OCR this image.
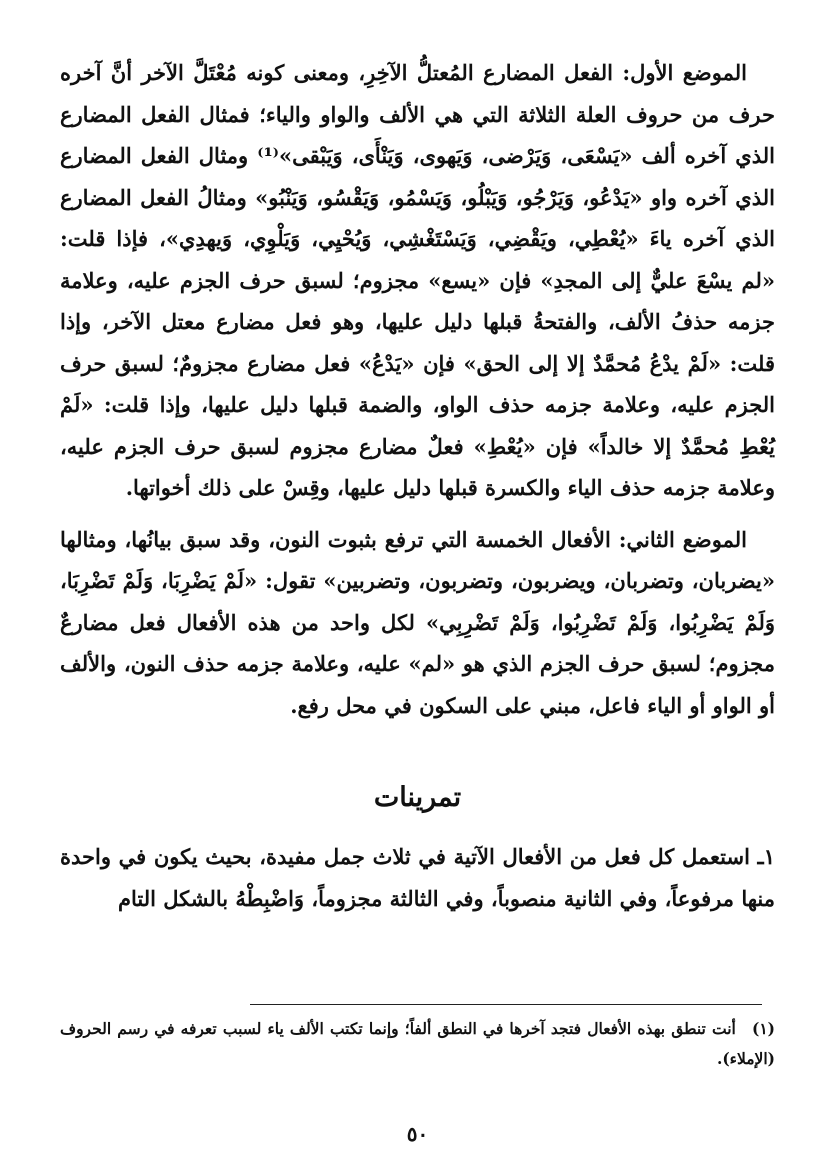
الموضع الأول: الفعل المضارع المُعتلُّ الآخِرِ، ومعنى كونه مُعْتَلَّ الآخر أنَّ آخره حرف من حروف العلة الثلاثة التي هي الألف والواو والياء؛ فمثال الفعل المضارع الذي آخره ألف «يَسْعَى، وَيَرْضى، وَيَهوى، وَيَنْأَى، وَيَبْقى»⁽¹⁾ ومثال الفعل المضارع الذي آخره واو «يَدْعُو، وَيَرْجُو، وَيَبْلُو، وَيَسْمُو، وَيَقْسُو، وَيَنْبُو» ومثالُ الفعل المضارع الذي آخره ياءَ «يُعْطِي، ويَقْضِي، وَيَسْتَغْشِي، وَيُحْيِي، وَيَلْوِي، وَيهدِي»، فإذا قلت: «لم يسْعَ عليٌّ إلى المجدِ» فإن «يسع» مجزوم؛ لسبق حرف الجزم عليه، وعلامة جزمه حذفُ الألف، والفتحةُ قبلها دليل عليها، وهو فعل مضارع معتل الآخر، وإذا قلت: «لَمْ يدْعُ مُحمَّدٌ إلا إلى الحق» فإن «يَدْعُ» فعل مضارع مجزومٌ؛ لسبق حرف الجزم عليه، وعلامة جزمه حذف الواو، والضمة قبلها دليل عليها، وإذا قلت: «لَمْ يُعْطِ مُحمَّدٌ إلا خالداً» فإن «يُعْطِ» فعلٌ مضارع مجزوم لسبق حرف الجزم عليه، وعلامة جزمه حذف الياء والكسرة قبلها دليل عليها، وقِسْ على ذلك أخواتها.

الموضع الثاني: الأفعال الخمسة التي ترفع بثبوت النون، وقد سبق بيانُها، ومثالها «يضربان، وتضربان، ويضربون، وتضربون، وتضربين» تقول: «لَمْ يَضْرِبَا، وَلَمْ تَضْرِبَا، وَلَمْ يَضْرِبُوا، وَلَمْ تَضْرِبُوا، وَلَمْ تَضْرِبِي» لكل واحد من هذه الأفعال فعل مضارعٌ مجزوم؛ لسبق حرف الجزم الذي هو «لم» عليه، وعلامة جزمه حذف النون، والألف أو الواو أو الياء فاعل، مبني على السكون في محل رفع.

تمرينات

١ـ استعمل كل فعل من الأفعال الآتية في ثلاث جمل مفيدة، بحيث يكون في واحدة منها مرفوعاً، وفي الثانية منصوباً، وفي الثالثة مجزوماً، وَاضْبِطْهُ بالشكل التام

(١) أنت تنطق بهذه الأفعال فتجد آخرها في النطق ألفاً؛ وإنما تكتب الألف ياء لسبب تعرفه في رسم الحروف (الإملاء).

٥٠
